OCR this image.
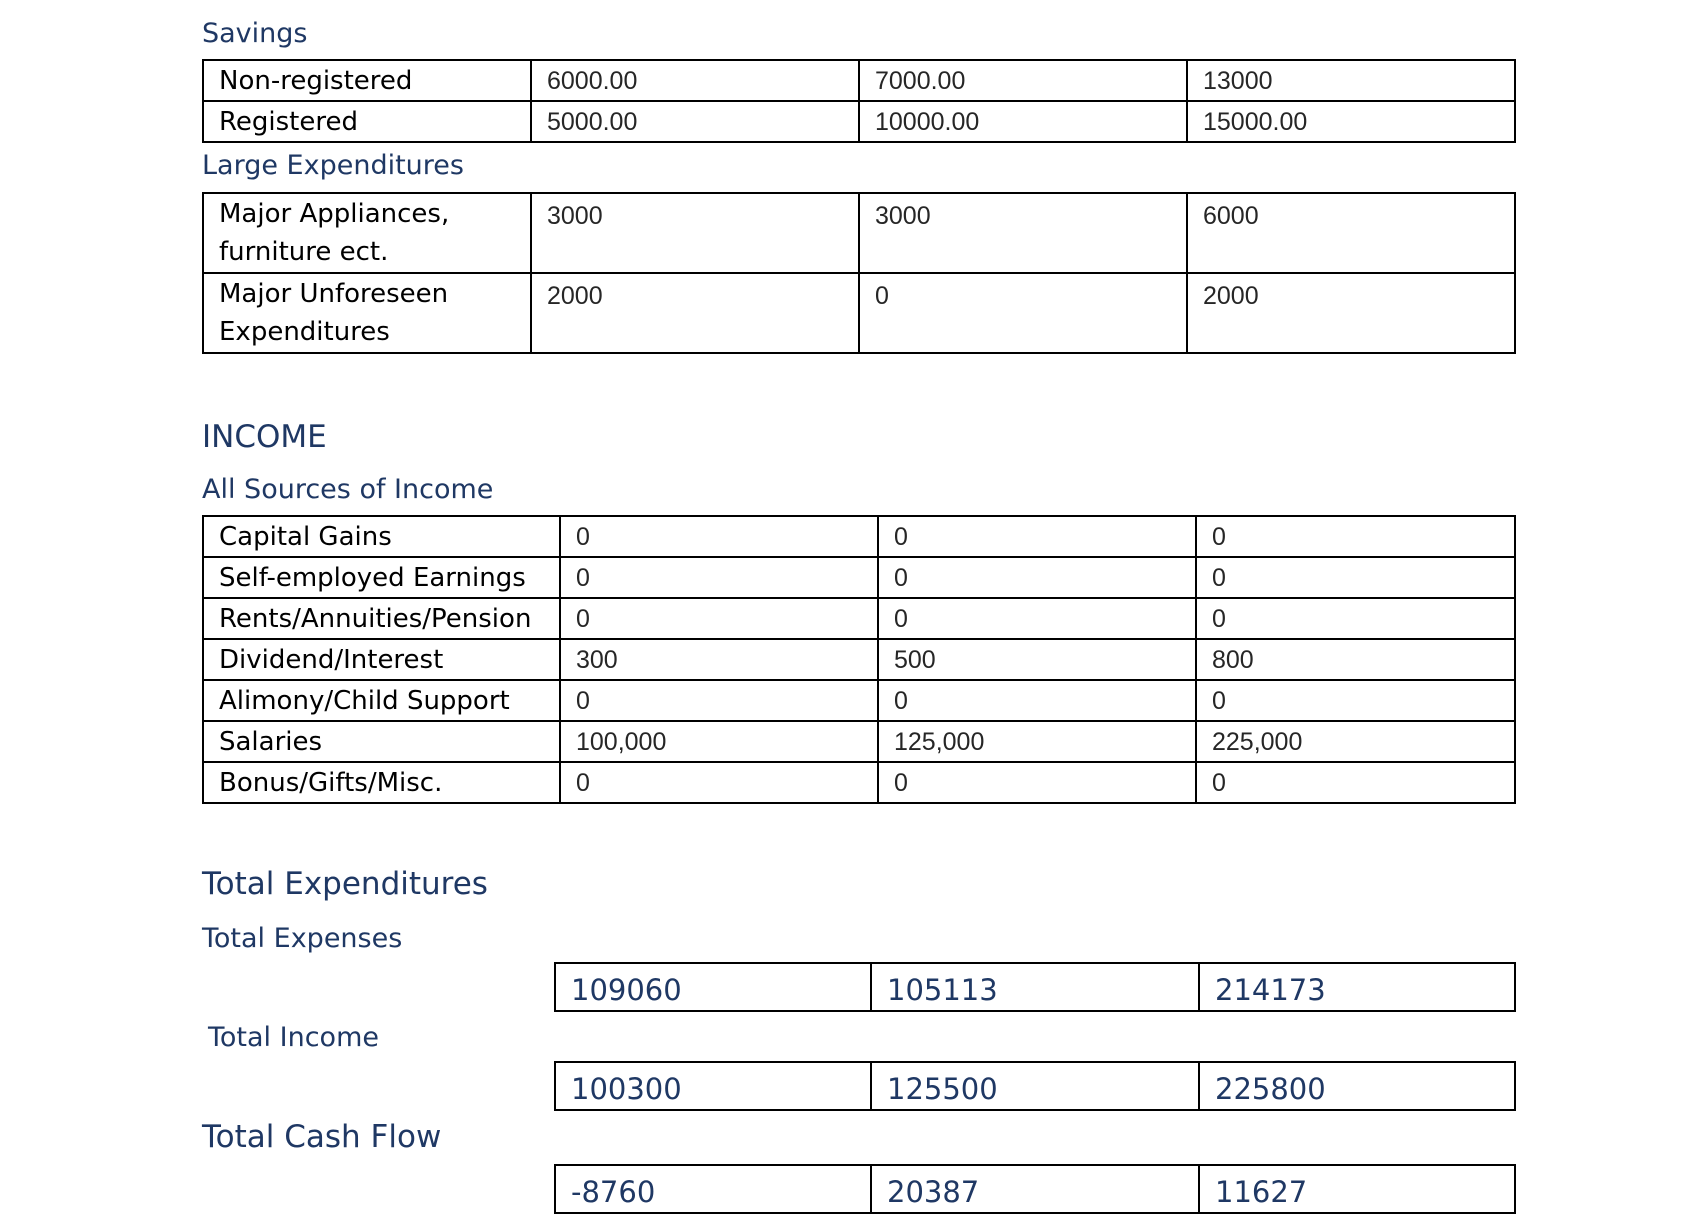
Savings
Non-registered	6000.00	7000.00	13000
Registered	5000.00	10000.00	15000.00
Large Expenditures
Major Appliances,
furniture ect.	3000	3000	6000

Major Unforeseen
Expenditures	2000	0	2000
INCOME
All Sources of Income
Capital Gains	0	0	0
Self-employed Earnings	0	0	0
Rents/Annuities/Pension	0	0	0
Dividend/Interest	300	500	800
Alimony/Child Support	0	0	0
Salaries	100,000	125,000	225,000
Bonus/Gifts/Misc.	0	0	0
Total Expenditures
Total Expenses
109060	105113	214173
Total Income
100300	125500	225800
Total Cash Flow
-8760	20387	11627
